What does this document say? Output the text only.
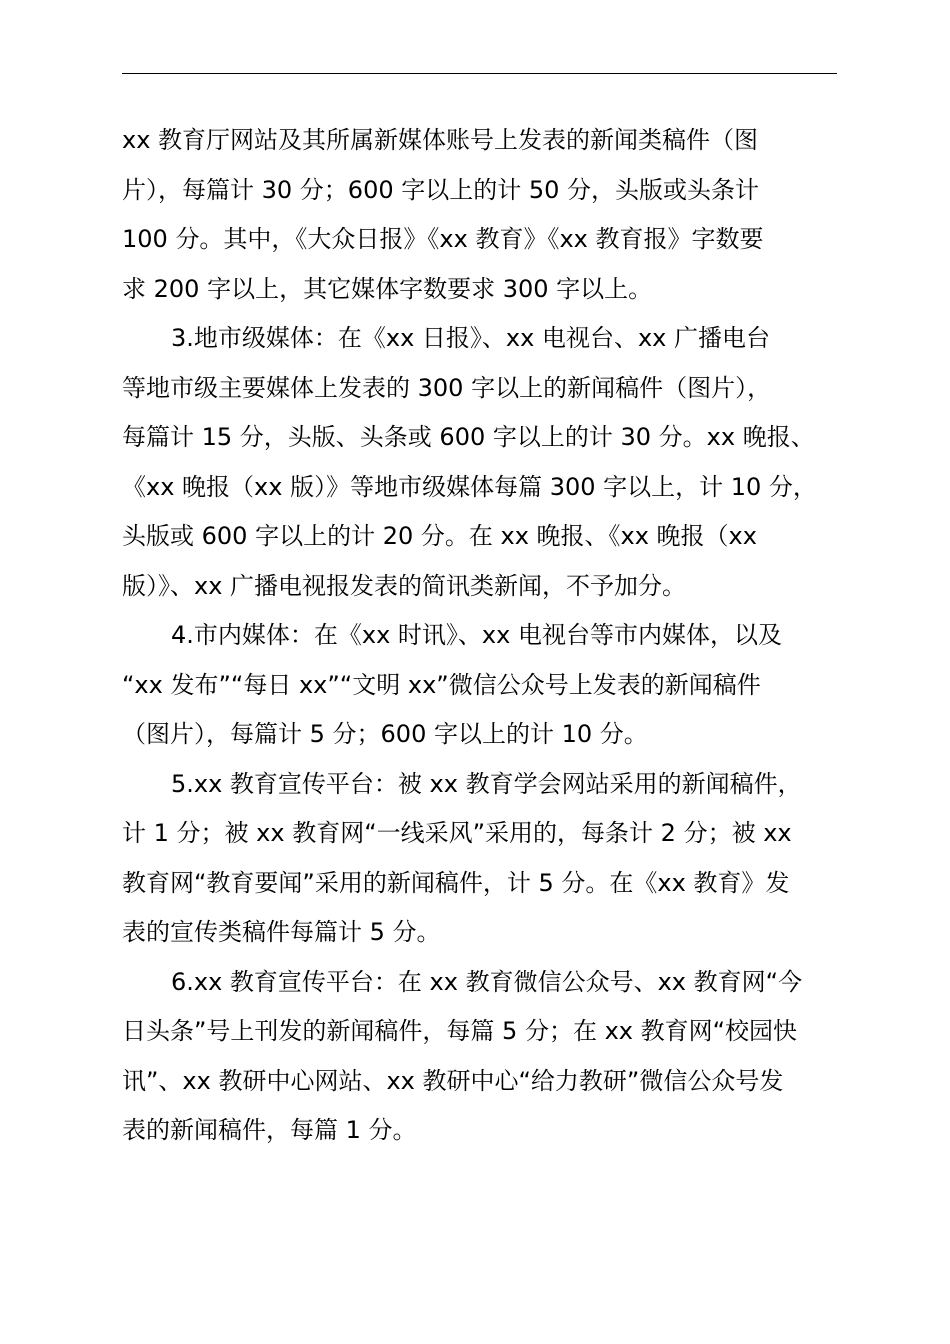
xx 教育厅网站及其所属新媒体账号上发表的新闻类稿件（图
片），每篇计 30 分；600 字以上的计 50 分，头版或头条计
100 分。其中，《大众日报》《xx 教育》《xx 教育报》字数要
求 200 字以上，其它媒体字数要求 300 字以上。
3.地市级媒体：在《xx 日报》、xx 电视台、xx 广播电台
等地市级主要媒体上发表的 300 字以上的新闻稿件（图片），
每篇计 15 分，头版、头条或 600 字以上的计 30 分。xx 晚报、
《xx 晚报（xx 版）》等地市级媒体每篇 300 字以上，计 10 分，
头版或 600 字以上的计 20 分。在 xx 晚报、《xx 晚报（xx
版）》、xx 广播电视报发表的简讯类新闻，不予加分。
4.市内媒体：在《xx 时讯》、xx 电视台等市内媒体，以及
“xx 发布”“每日 xx”“文明 xx”微信公众号上发表的新闻稿件
（图片），每篇计 5 分；600 字以上的计 10 分。
5.xx 教育宣传平台：被 xx 教育学会网站采用的新闻稿件，
计 1 分；被 xx 教育网“一线采风”采用的，每条计 2 分；被 xx
教育网“教育要闻”采用的新闻稿件，计 5 分。在《xx 教育》发
表的宣传类稿件每篇计 5 分。
6.xx 教育宣传平台：在 xx 教育微信公众号、xx 教育网“今
日头条”号上刊发的新闻稿件，每篇 5 分；在 xx 教育网“校园快
讯”、xx 教研中心网站、xx 教研中心“给力教研”微信公众号发
表的新闻稿件，每篇 1 分。
